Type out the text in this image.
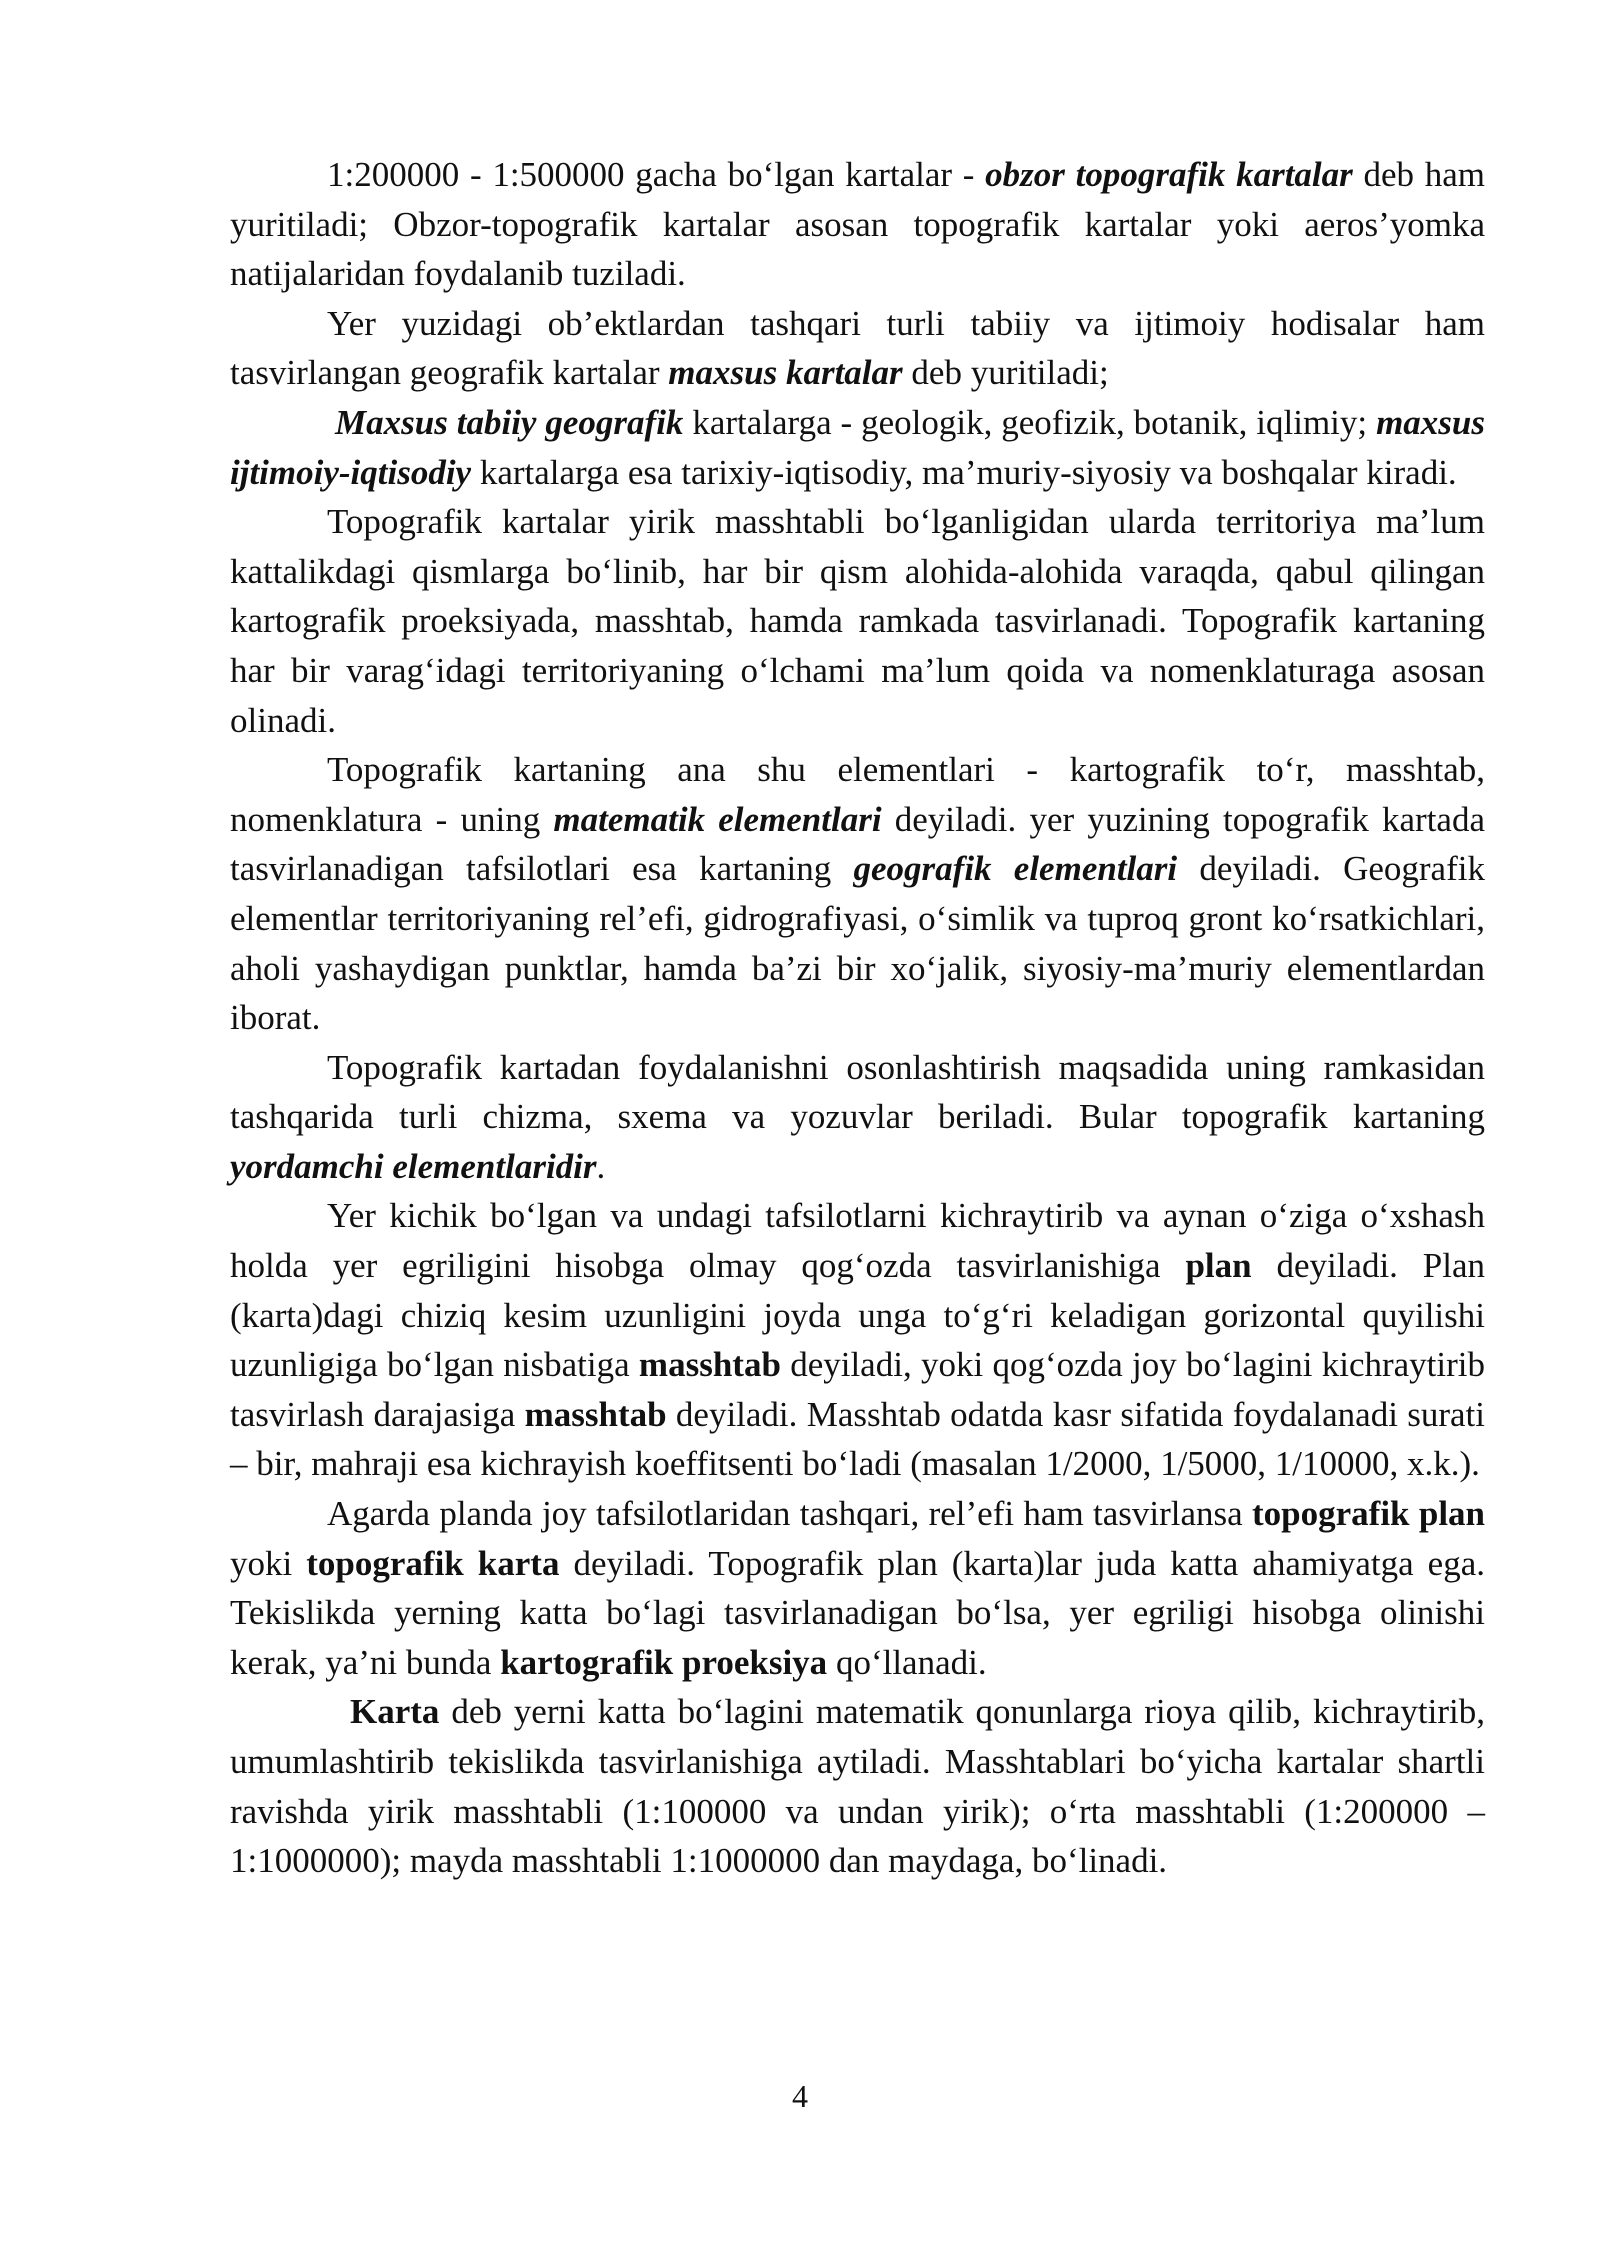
1:200000 - 1:500000 gacha bo‘lgan kartalar - obzor topografik kartalar deb ham yuritiladi; Obzor-topografik kartalar asosan topografik kartalar yoki aeros’yomka natijalaridan foydalanib tuziladi.

Yer yuzidagi ob’ektlardan tashqari turli tabiiy va ijtimoiy hodisalar ham tasvirlangan geografik kartalar maxsus kartalar deb yuritiladi;

Maxsus tabiiy geografik kartalarga - geologik, geofizik, botanik, iqlimiy; maxsus ijtimoiy-iqtisodiy kartalarga esa tarixiy-iqtisodiy, ma’muriy-siyosiy va boshqalar kiradi.

Topografik kartalar yirik masshtabli bo‘lganligidan ularda territoriya ma’lum kattalikdagi qismlarga bo‘linib, har bir qism alohida-alohida varaqda, qabul qilingan kartografik proeksiyada, masshtab, hamda ramkada tasvirlanadi. Topografik kartaning har bir varag‘idagi territoriyaning o‘lchami ma’lum qoida va nomenklaturaga asosan olinadi.

Topografik kartaning ana shu elementlari - kartografik to‘r, masshtab, nomenklatura - uning matematik elementlari deyiladi. yer yuzining topografik kartada tasvirlanadigan tafsilotlari esa kartaning geografik elementlari deyiladi. Geografik elementlar territoriyaning rel’efi, gidrografiyasi, o‘simlik va tuproq gront ko‘rsatkichlari, aholi yashaydigan punktlar, hamda ba’zi bir xo‘jalik, siyosiy-ma’muriy elementlardan iborat.

Topografik kartadan foydalanishni osonlashtirish maqsadida uning ramkasidan tashqarida turli chizma, sxema va yozuvlar beriladi. Bular topografik kartaning yordamchi elementlaridir.

Yer kichik bo‘lgan va undagi tafsilotlarni kichraytirib va aynan o‘ziga o‘xshash holda yer egriligini hisobga olmay qog‘ozda tasvirlanishiga plan deyiladi. Plan (karta)dagi chiziq kesim uzunligini joyda unga to‘g‘ri keladigan gorizontal quyilishi uzunligiga bo‘lgan nisbatiga masshtab deyiladi, yoki qog‘ozda joy bo‘lagini kichraytirib tasvirlash darajasiga masshtab deyiladi. Masshtab odatda kasr sifatida foydalanadi surati – bir, mahraji esa kichrayish koeffitsenti bo‘ladi (masalan 1/2000, 1/5000, 1/10000, x.k.).

Agarda planda joy tafsilotlaridan tashqari, rel’efi ham tasvirlansa topografik plan yoki topografik karta deyiladi. Topografik plan (karta)lar juda katta ahamiyatga ega. Tekislikda yerning katta bo‘lagi tasvirlanadigan bo‘lsa, yer egriligi hisobga olinishi kerak, ya’ni bunda kartografik proeksiya qo‘llanadi.

Karta deb yerni katta bo‘lagini matematik qonunlarga rioya qilib, kichraytirib, umumlashtirib tekislikda tasvirlanishiga aytiladi. Masshtablari bo‘yicha kartalar shartli ravishda yirik masshtabli (1:100000 va undan yirik); o‘rta masshtabli (1:200000 – 1:1000000); mayda masshtabli 1:1000000 dan maydaga, bo‘linadi.

4
